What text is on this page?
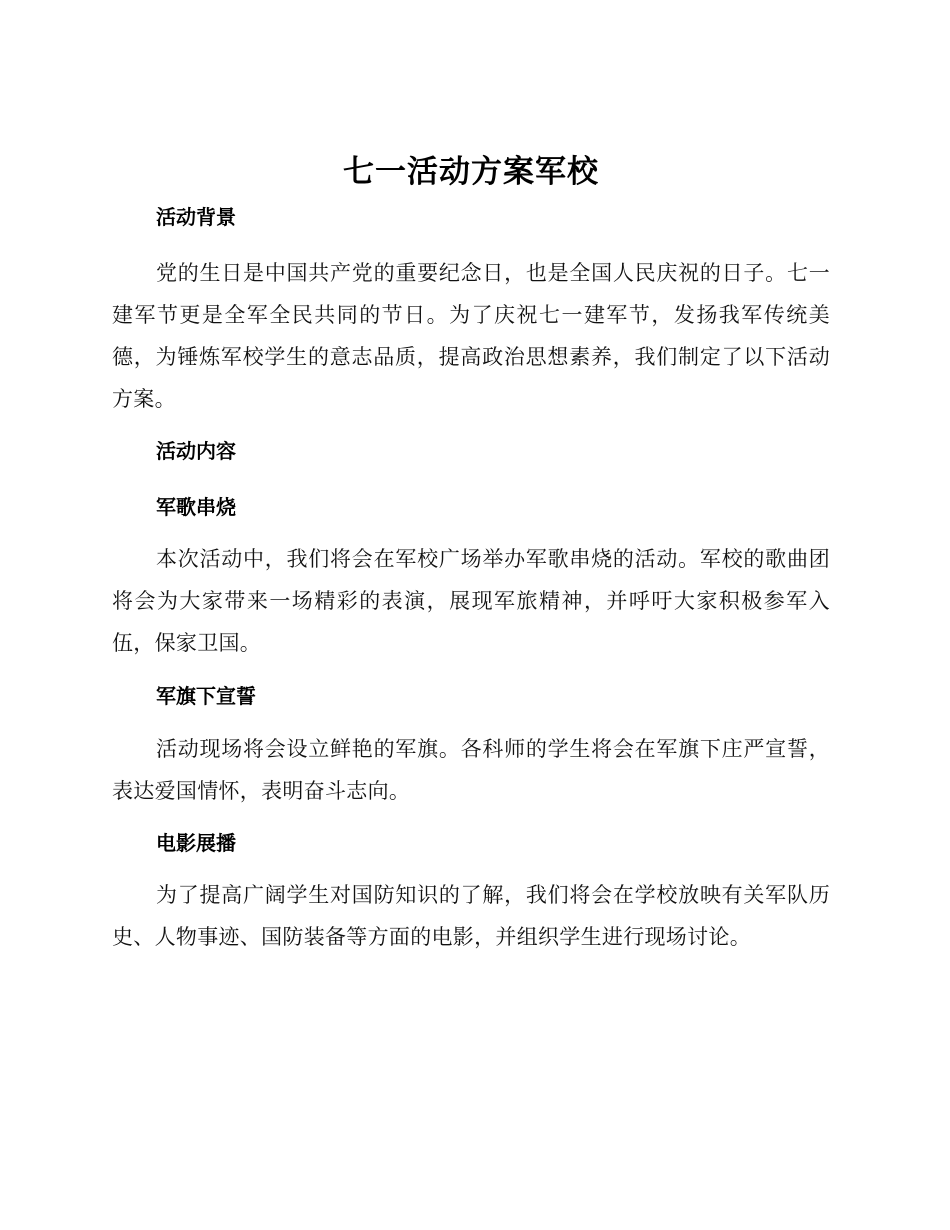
七一活动方案军校
活动背景

党的生日是中国共产党的重要纪念日，也是全国人民庆祝的日子。七一建军节更是全军全民共同的节日。为了庆祝七一建军节，发扬我军传统美德，为锤炼军校学生的意志品质，提高政治思想素养，我们制定了以下活动方案。

活动内容
军歌串烧

本次活动中，我们将会在军校广场举办军歌串烧的活动。军校的歌曲团将会为大家带来一场精彩的表演，展现军旅精神，并呼吁大家积极参军入伍，保家卫国。

军旗下宣誓

活动现场将会设立鲜艳的军旗。各科师的学生将会在军旗下庄严宣誓，表达爱国情怀，表明奋斗志向。

电影展播

为了提高广阔学生对国防知识的了解，我们将会在学校放映有关军队历史、人物事迹、国防装备等方面的电影，并组织学生进行现场讨论。
